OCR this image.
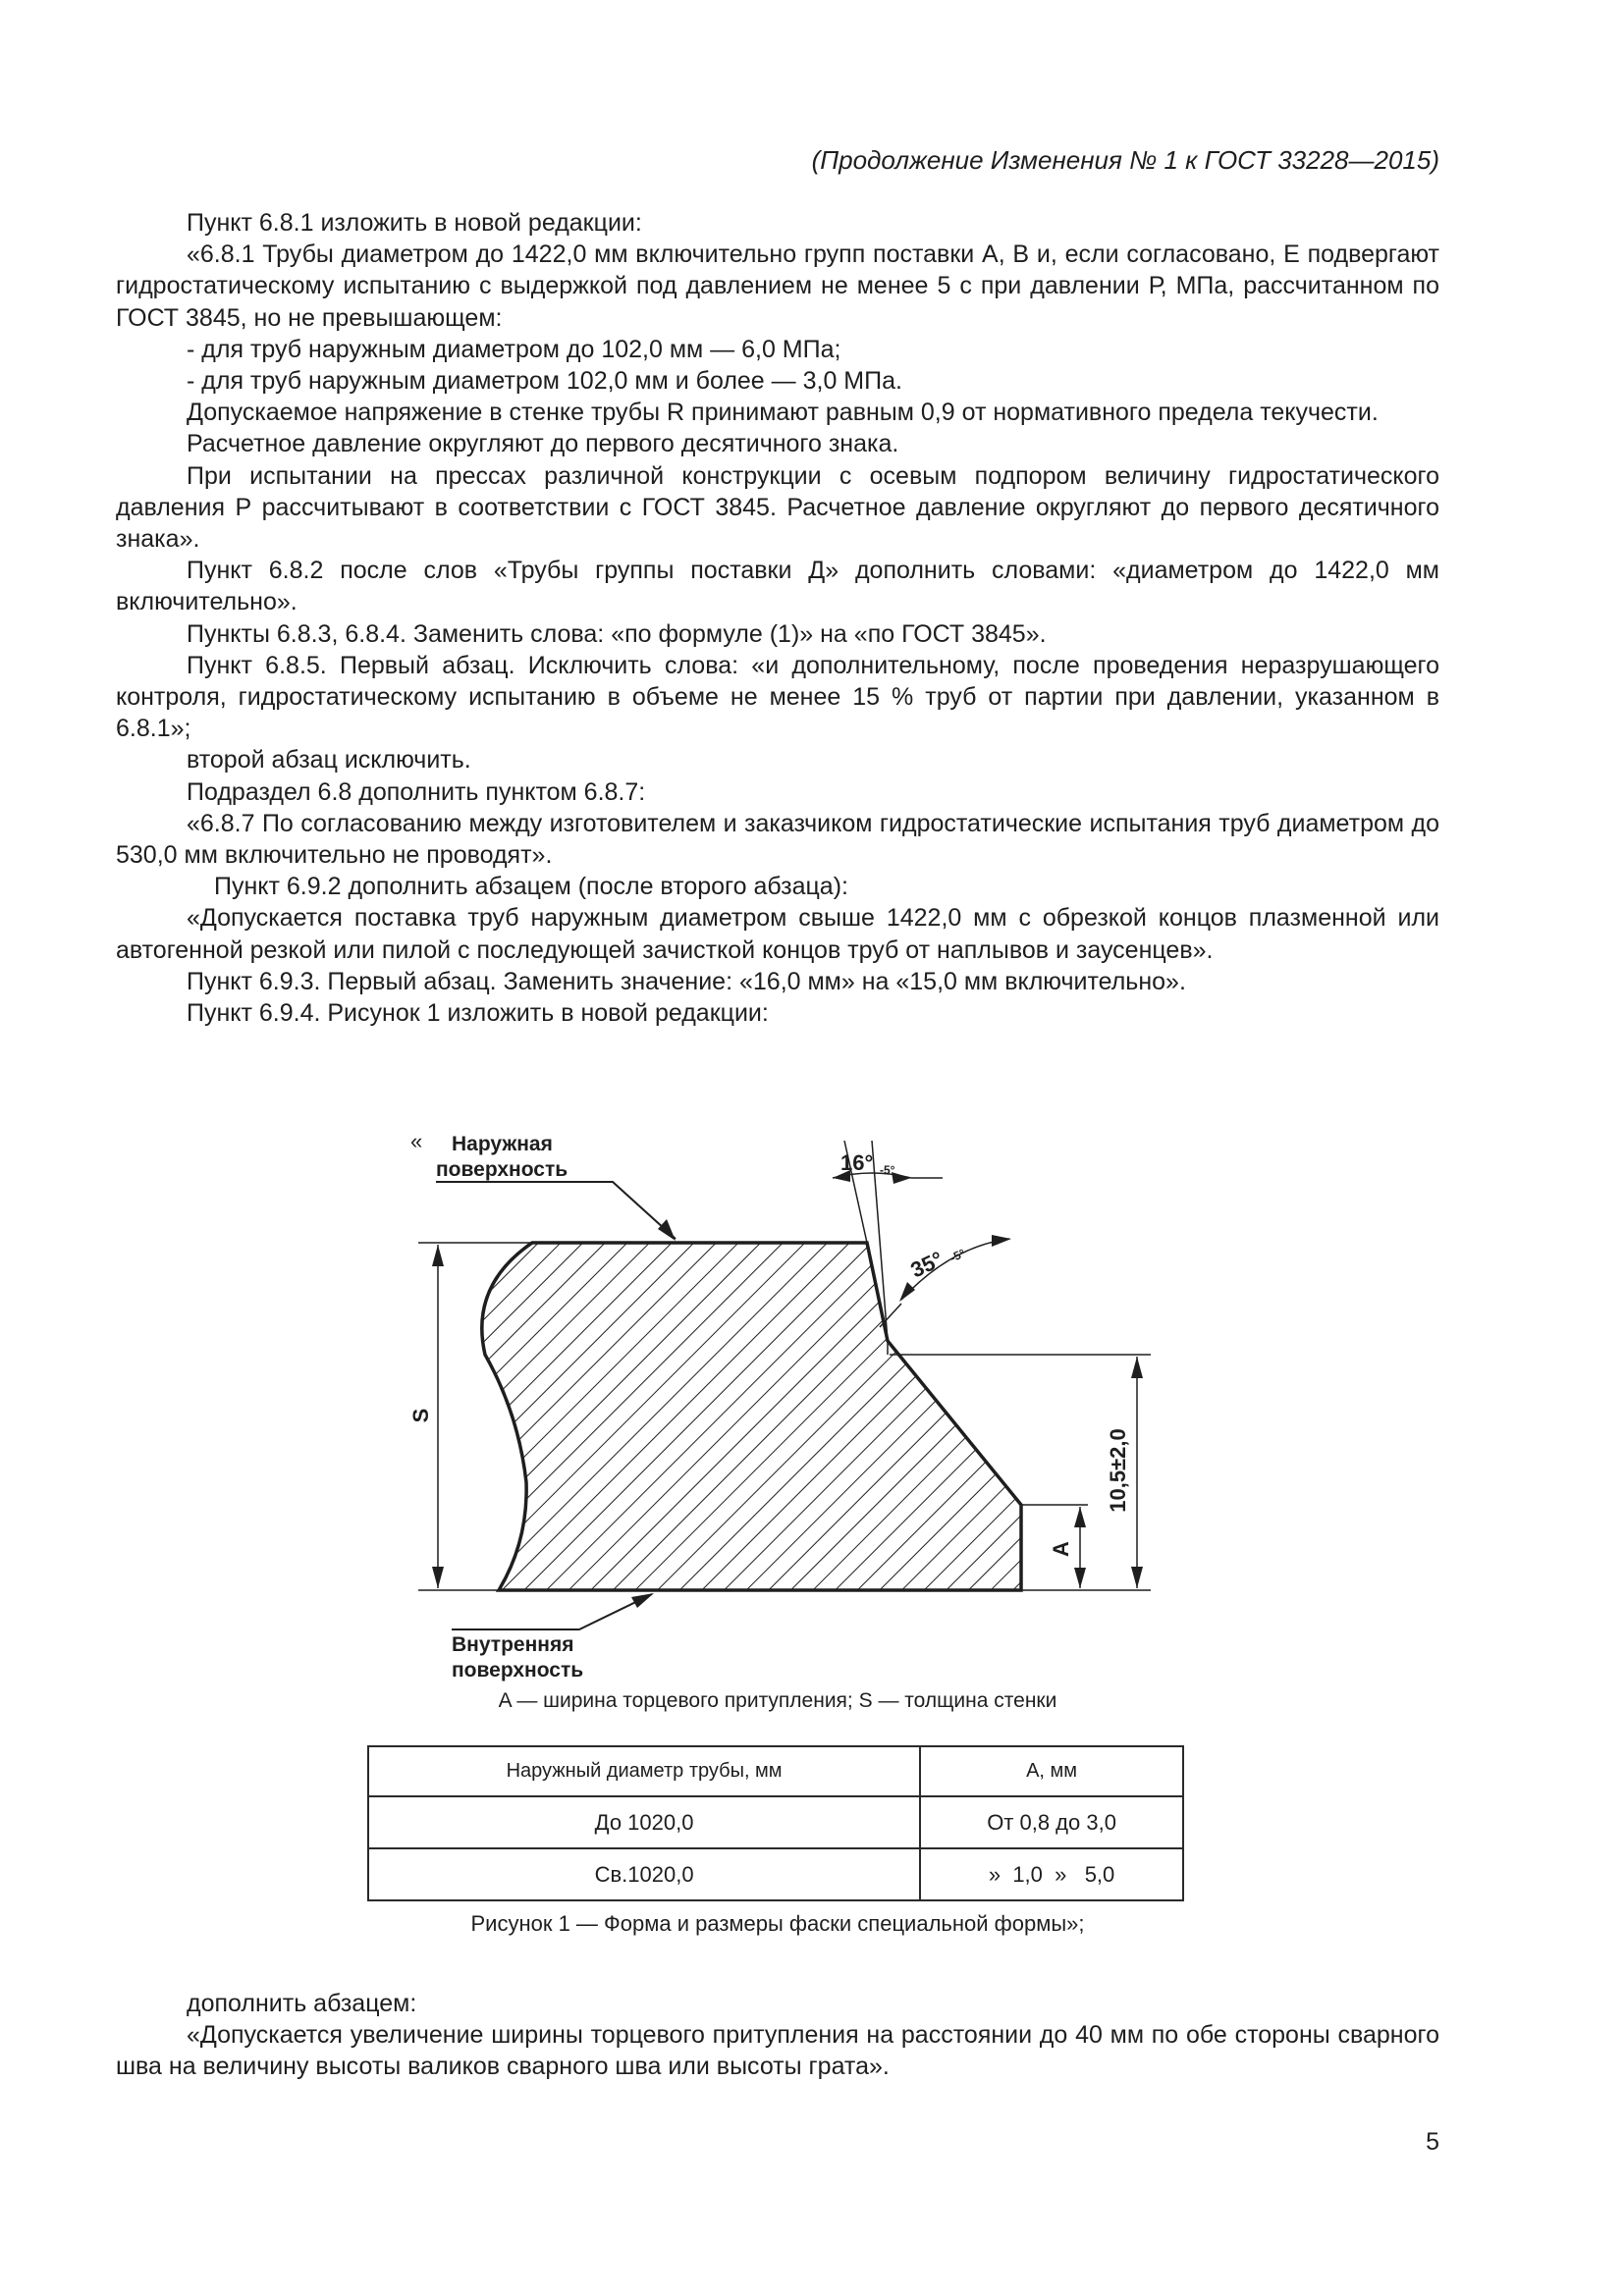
(Продолжение Изменения № 1 к ГОСТ 33228—2015)

Пункт 6.8.1 изложить в новой редакции:

«6.8.1 Трубы диаметром до 1422,0 мм включительно групп поставки А, В и, если согласовано, Е подвергают гидростатическому испытанию с выдержкой под давлением не менее 5 с при давлении Р, МПа, рассчитанном по ГОСТ 3845, но не превышающем:

- для труб наружным диаметром до 102,0 мм — 6,0 МПа;

- для труб наружным диаметром 102,0 мм и более — 3,0 МПа.

Допускаемое напряжение в стенке трубы R принимают равным 0,9 от нормативного предела текучести.

Расчетное давление округляют до первого десятичного знака.

При испытании на прессах различной конструкции с осевым подпором величину гидростатического давления Р рассчитывают в соответствии с ГОСТ 3845. Расчетное давление округляют до первого десятичного знака».

Пункт 6.8.2 после слов «Трубы группы поставки Д» дополнить словами: «диаметром до 1422,0 мм включительно».

Пункты 6.8.3, 6.8.4. Заменить слова: «по формуле (1)» на «по ГОСТ 3845».

Пункт 6.8.5. Первый абзац. Исключить слова: «и дополнительному, после проведения неразрушающего контроля, гидростатическому испытанию в объеме не менее 15 % труб от партии при давлении, указанном в 6.8.1»;

второй абзац исключить.

Подраздел 6.8 дополнить пунктом 6.8.7:

«6.8.7 По согласованию между изготовителем и заказчиком гидростатические испытания труб диаметром до 530,0 мм включительно не проводят».

Пункт 6.9.2 дополнить абзацем (после второго абзаца):

«Допускается поставка труб наружным диаметром свыше 1422,0 мм с обрезкой концов плазменной или автогенной резкой или пилой с последующей зачисткой концов труб от наплывов и заусенцев».

Пункт 6.9.3. Первый абзац. Заменить значение: «16,0 мм» на «15,0 мм включительно».

Пункт 6.9.4. Рисунок 1 изложить в новой редакции:

« Наружная
поверхность
Внутренняя
поверхность
S
10,5±2,0
A
16° -5°
35° -5°
A — ширина торцевого притупления; S — толщина стенки
Наружный диаметр трубы, мм	A, мм
До 1020,0	От 0,8 до 3,0
Св.1020,0	»  1,0  »   5,0
Рисунок 1 — Форма и размеры фаски специальной формы»;

дополнить абзацем:

«Допускается увеличение ширины торцевого притупления на расстоянии до 40 мм по обе стороны сварного шва на величину высоты валиков сварного шва или высоты грата».

5
